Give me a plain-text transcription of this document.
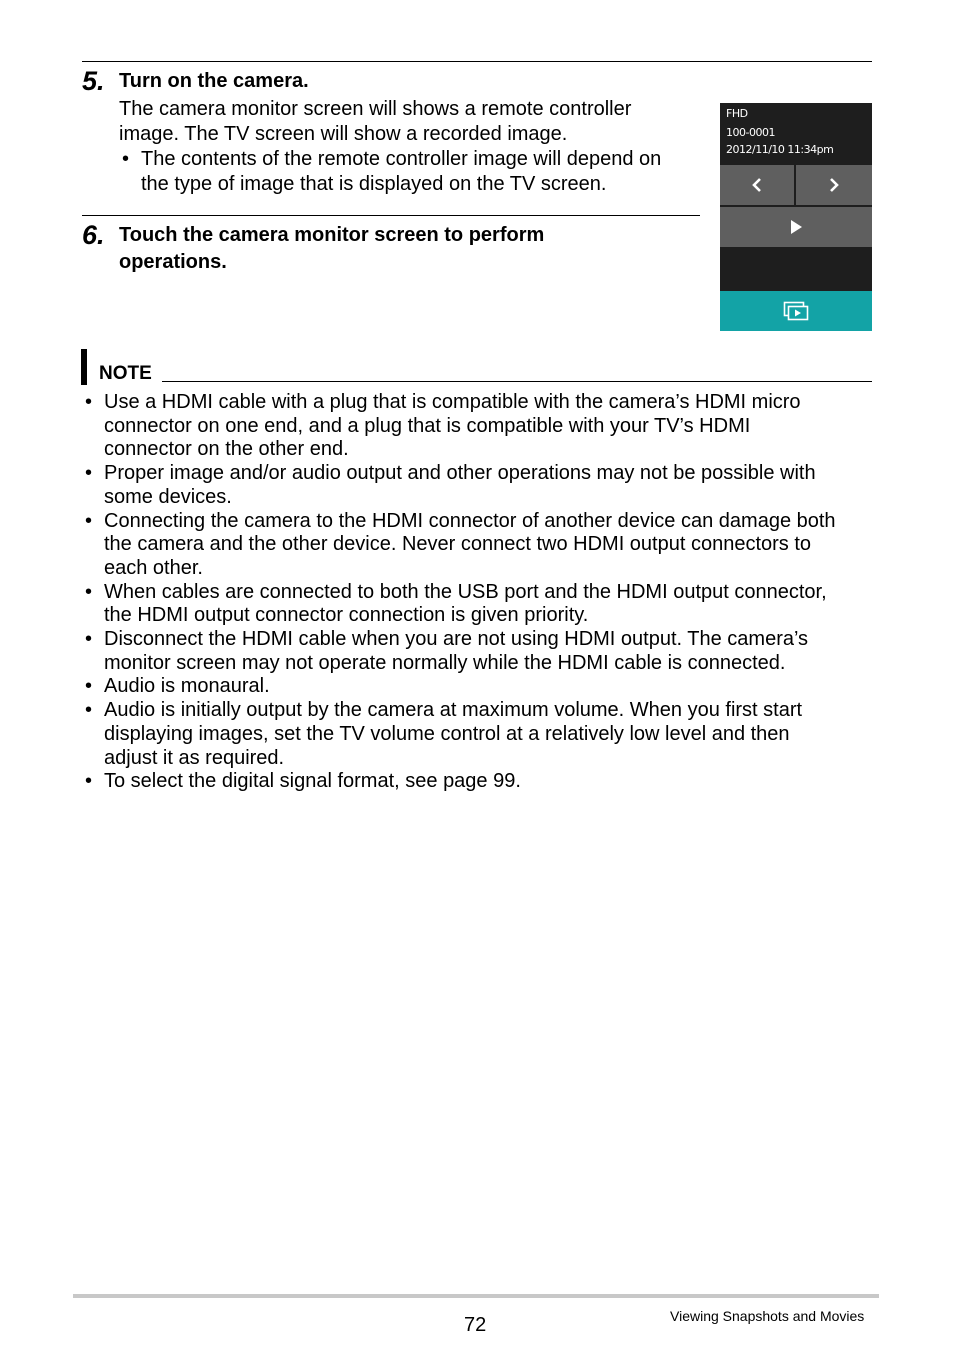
5. Turn on the camera.
The camera monitor screen will shows a remote controller
image. The TV screen will show a recorded image.
• The contents of the remote controller image will depend on
the type of image that is displayed on the TV screen.
6. Touch the camera monitor screen to perform
operations.
FHD
100-0001
2012/11/10 11:34pm
NOTE
• Use a HDMI cable with a plug that is compatible with the camera’s HDMI micro
connector on one end, and a plug that is compatible with your TV’s HDMI
connector on the other end.
• Proper image and/or audio output and other operations may not be possible with
some devices.
• Connecting the camera to the HDMI connector of another device can damage both
the camera and the other device. Never connect two HDMI output connectors to
each other.
• When cables are connected to both the USB port and the HDMI output connector,
the HDMI output connector connection is given priority.
• Disconnect the HDMI cable when you are not using HDMI output. The camera’s
monitor screen may not operate normally while the HDMI cable is connected.
• Audio is monaural.
• Audio is initially output by the camera at maximum volume. When you first start
displaying images, set the TV volume control at a relatively low level and then
adjust it as required.
• To select the digital signal format, see page 99.
72	Viewing Snapshots and Movies
